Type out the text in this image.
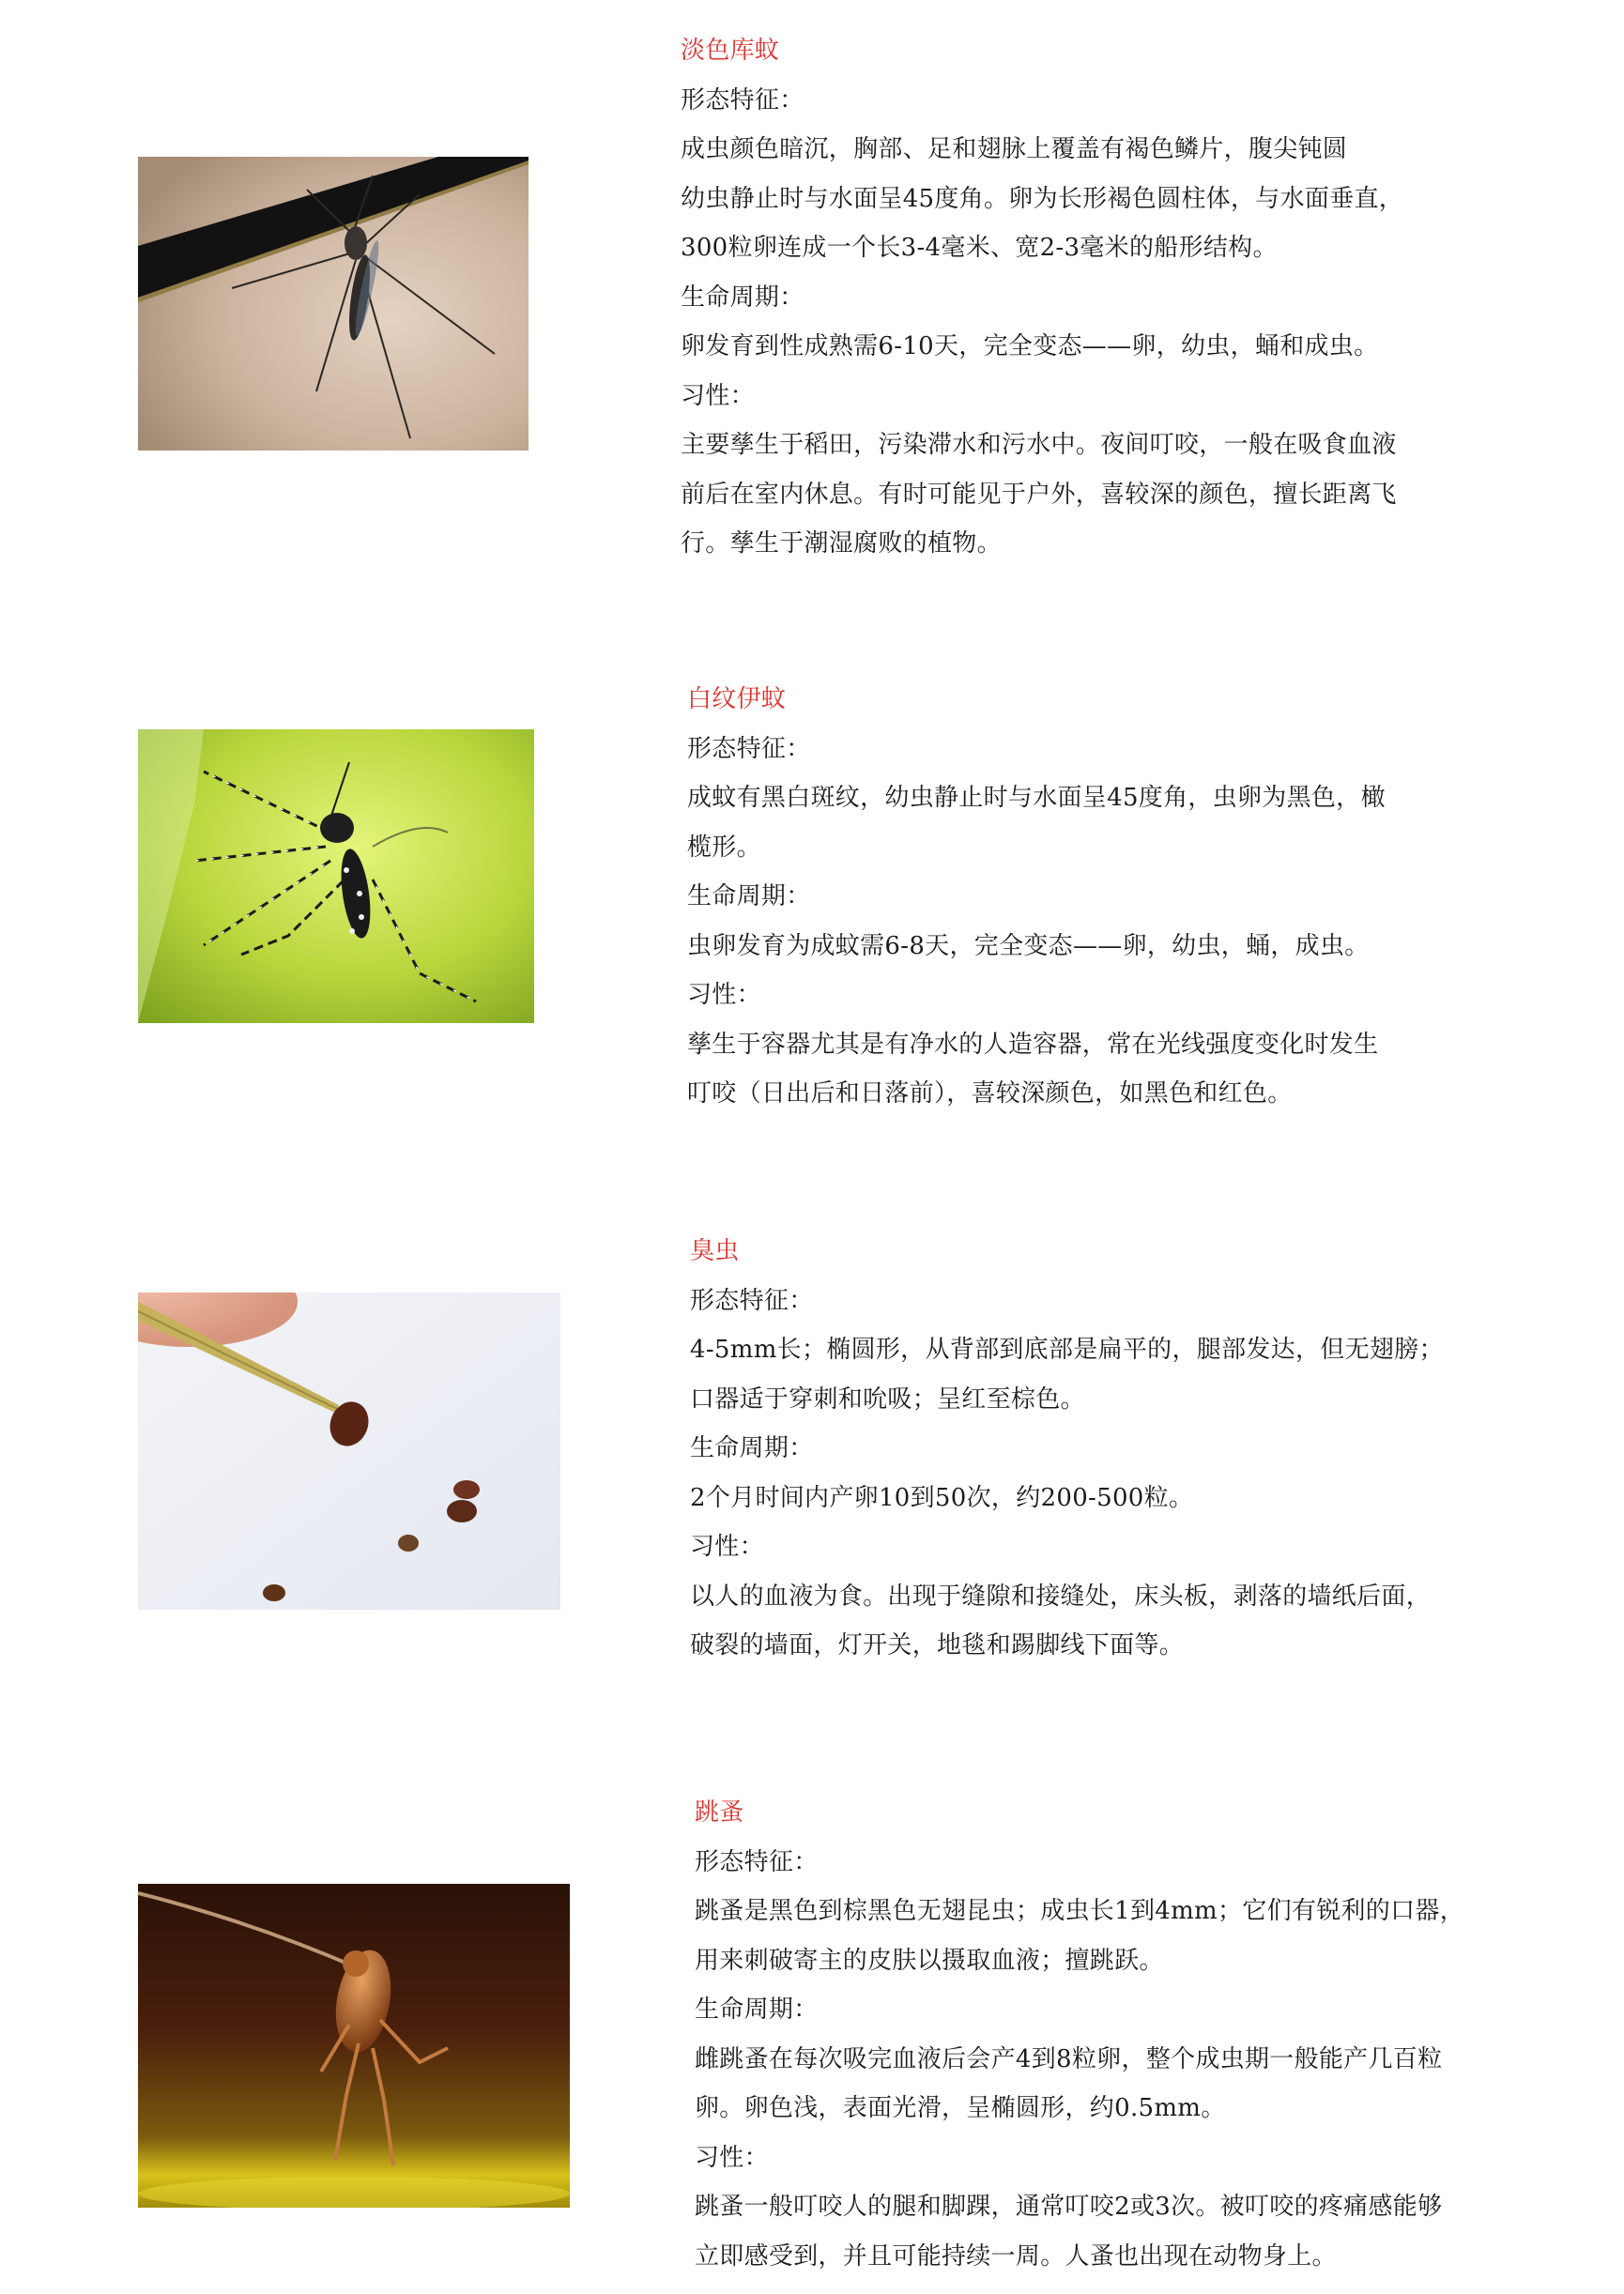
淡色库蚊

形态特征：

成虫颜色暗沉，胸部、足和翅脉上覆盖有褐色鳞片，腹尖钝圆

幼虫静止时与水面呈45度角。卵为长形褐色圆柱体，与水面垂直，

300粒卵连成一个长3-4毫米、宽2-3毫米的船形结构。

生命周期：

卵发育到性成熟需6-10天，完全变态——卵，幼虫，蛹和成虫。

习性：

主要孳生于稻田，污染滞水和污水中。夜间叮咬，一般在吸食血液

前后在室内休息。有时可能见于户外，喜较深的颜色，擅长距离飞

行。孳生于潮湿腐败的植物。

白纹伊蚊

形态特征：

成蚊有黑白斑纹，幼虫静止时与水面呈45度角，虫卵为黑色，橄

榄形。

生命周期：

虫卵发育为成蚊需6-8天，完全变态——卵，幼虫，蛹，成虫。

习性：

孳生于容器尤其是有净水的人造容器，常在光线强度变化时发生

叮咬（日出后和日落前），喜较深颜色，如黑色和红色。

臭虫

形态特征：

4-5mm长；椭圆形，从背部到底部是扁平的，腿部发达，但无翅膀；

口器适于穿刺和吮吸；呈红至棕色。

生命周期：

2个月时间内产卵10到50次，约200-500粒。

习性：

以人的血液为食。出现于缝隙和接缝处，床头板，剥落的墙纸后面，

破裂的墙面，灯开关，地毯和踢脚线下面等。

跳蚤

形态特征：

跳蚤是黑色到棕黑色无翅昆虫；成虫长1到4mm；它们有锐利的口器，

用来刺破寄主的皮肤以摄取血液；擅跳跃。

生命周期：

雌跳蚤在每次吸完血液后会产4到8粒卵，整个成虫期一般能产几百粒

卵。卵色浅，表面光滑，呈椭圆形，约0.5mm。

习性：

跳蚤一般叮咬人的腿和脚踝，通常叮咬2或3次。被叮咬的疼痛感能够

立即感受到，并且可能持续一周。人蚤也出现在动物身上。
